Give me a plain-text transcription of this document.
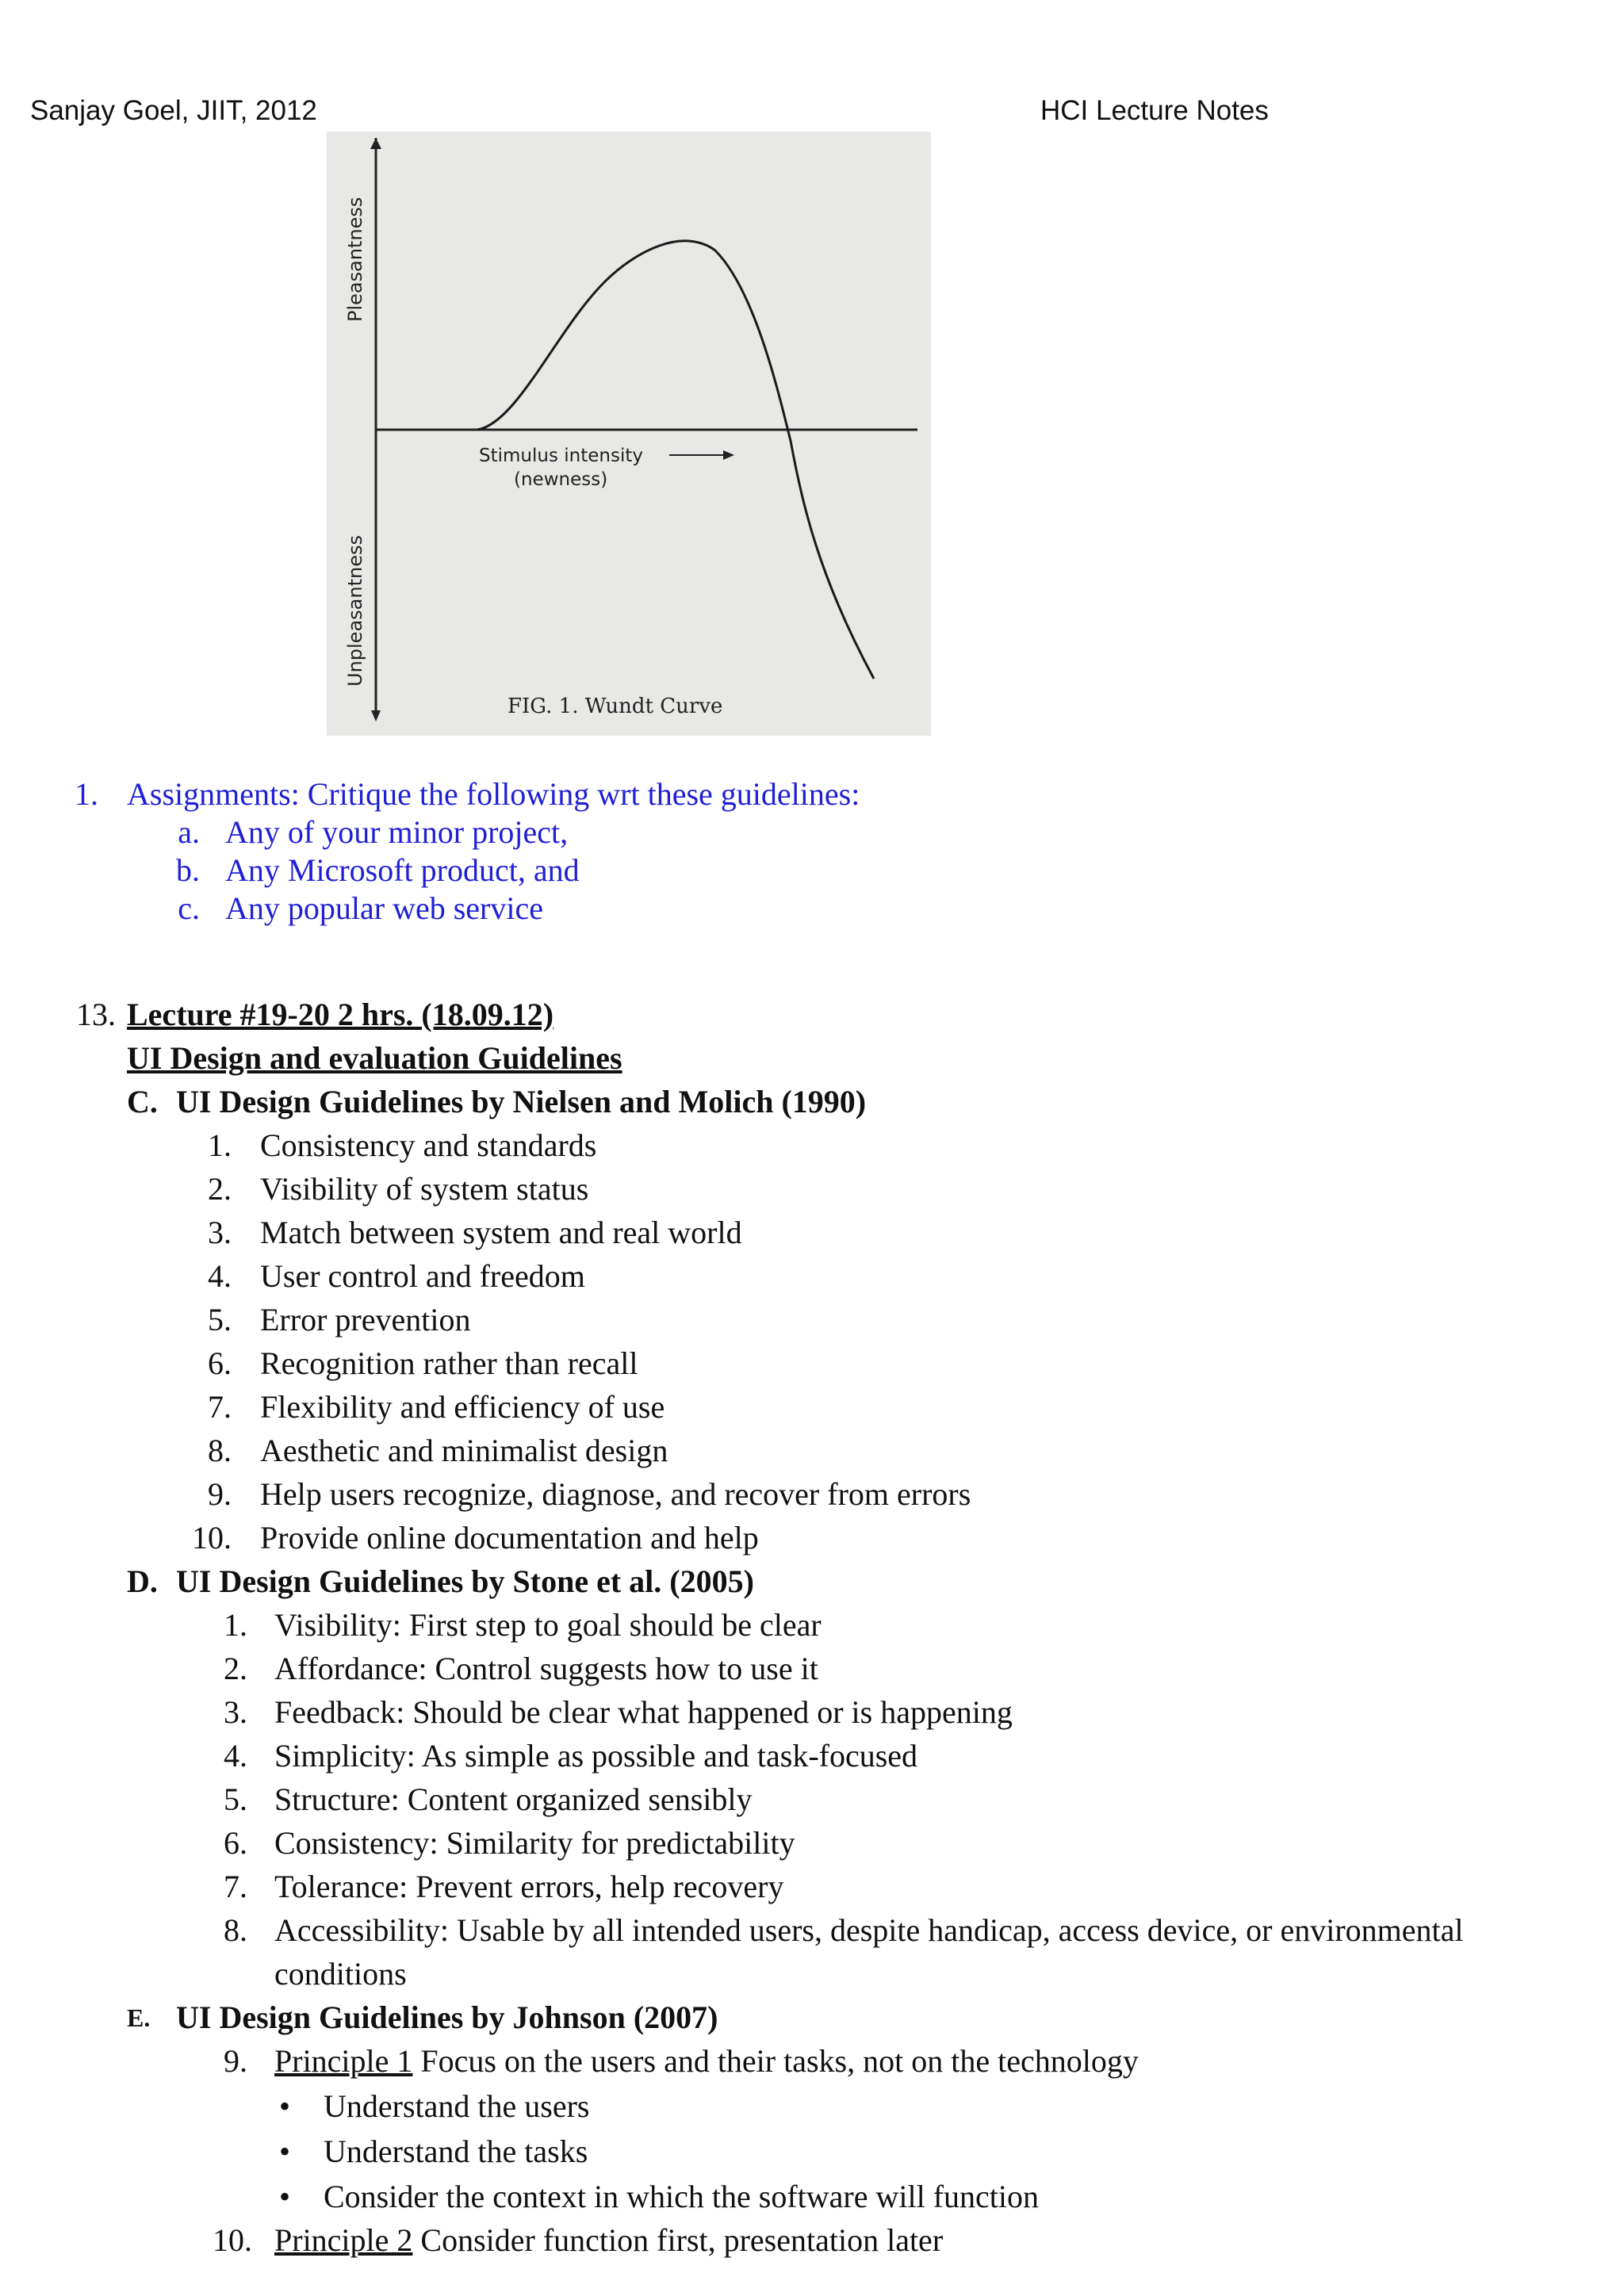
Sanjay Goel, JIIT, 2012	HCI Lecture Notes
Pleasantness
Unpleasantness
Stimulus intensity
(newness)
FIG. 1. Wundt Curve
1. Assignments: Critique the following wrt these guidelines:
a. Any of your minor project,
b. Any Microsoft product, and
c. Any popular web service
13. Lecture #19-20 2 hrs. (18.09.12)
UI Design and evaluation Guidelines
C. UI Design Guidelines by Nielsen and Molich (1990)
1. Consistency and standards
2. Visibility of system status
3. Match between system and real world
4. User control and freedom
5. Error prevention
6. Recognition rather than recall
7. Flexibility and efficiency of use
8. Aesthetic and minimalist design
9. Help users recognize, diagnose, and recover from errors
10. Provide online documentation and help
D. UI Design Guidelines by Stone et al. (2005)
1. Visibility: First step to goal should be clear
2. Affordance: Control suggests how to use it
3. Feedback: Should be clear what happened or is happening
4. Simplicity: As simple as possible and task-focused
5. Structure: Content organized sensibly
6. Consistency: Similarity for predictability
7. Tolerance: Prevent errors, help recovery
8. Accessibility: Usable by all intended users, despite handicap, access device, or environmental
conditions
E. UI Design Guidelines by Johnson (2007)
9. Principle 1 Focus on the users and their tasks, not on the technology
• Understand the users
• Understand the tasks
• Consider the context in which the software will function
10. Principle 2 Consider function first, presentation later
